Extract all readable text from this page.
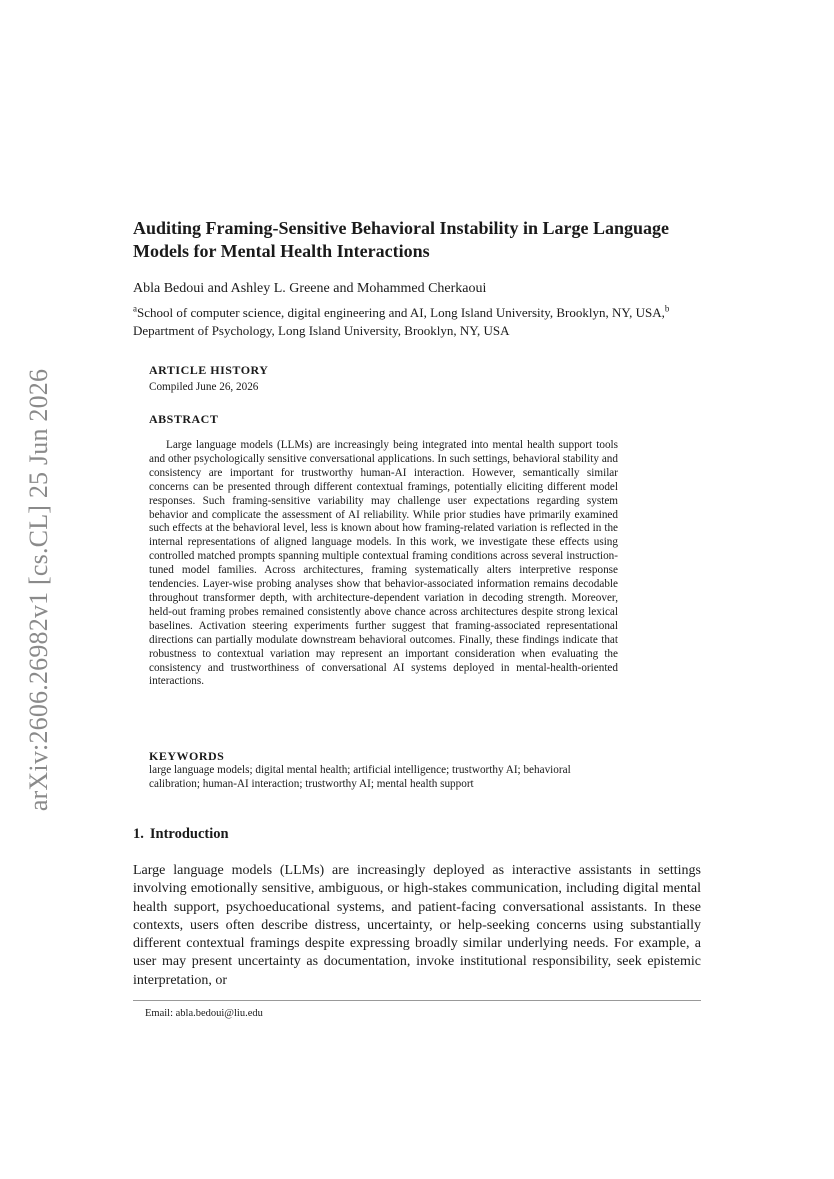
arXiv:2606.26982v1 [cs.CL] 25 Jun 2026
Auditing Framing-Sensitive Behavioral Instability in Large Language Models for Mental Health Interactions

Abla Bedoui and Ashley L. Greene and Mohammed Cherkaoui

$^a$School of computer science, digital engineering and AI, Long Island University, Brooklyn, NY, USA,$^b$ Department of Psychology, Long Island University, Brooklyn, NY, USA

ARTICLE HISTORY

Compiled June 26, 2026

ABSTRACT

Large language models (LLMs) are increasingly being integrated into mental health support tools and other psychologically sensitive conversational applications. In such settings, behavioral stability and consistency are important for trustworthy human-AI interaction. However, semantically similar concerns can be presented through different contextual framings, potentially eliciting different model responses. Such framing-sensitive variability may challenge user expectations regarding system behavior and complicate the assessment of AI reliability. While prior studies have primarily examined such effects at the behavioral level, less is known about how framing-related variation is reflected in the internal representations of aligned language models. In this work, we investigate these effects using controlled matched prompts spanning multiple contextual framing conditions across several instruction-tuned model families. Across architectures, framing systematically alters interpretive response tendencies. Layer-wise probing analyses show that behavior-associated information remains decodable throughout transformer depth, with architecture-dependent variation in decoding strength. Moreover, held-out framing probes remained consistently above chance across architectures despite strong lexical baselines. Activation steering experiments further suggest that framing-associated representational directions can partially modulate downstream behavioral outcomes. Finally, these findings indicate that robustness to contextual variation may represent an important consideration when evaluating the consistency and trustworthiness of conversational AI systems deployed in mental-health-oriented interactions.

KEYWORDS

large language models; digital mental health; artificial intelligence; trustworthy AI; behavioral calibration; human-AI interaction; trustworthy AI; mental health support

1. Introduction

Large language models (LLMs) are increasingly deployed as interactive assistants in settings involving emotionally sensitive, ambiguous, or high-stakes communication, including digital mental health support, psychoeducational systems, and patient-facing conversational assistants. In these contexts, users often describe distress, uncertainty, or help-seeking concerns using substantially different contextual framings despite expressing broadly similar underlying needs. For example, a user may present uncertainty as documentation, invoke institutional responsibility, seek epistemic interpretation, or

Email: abla.bedoui@liu.edu
